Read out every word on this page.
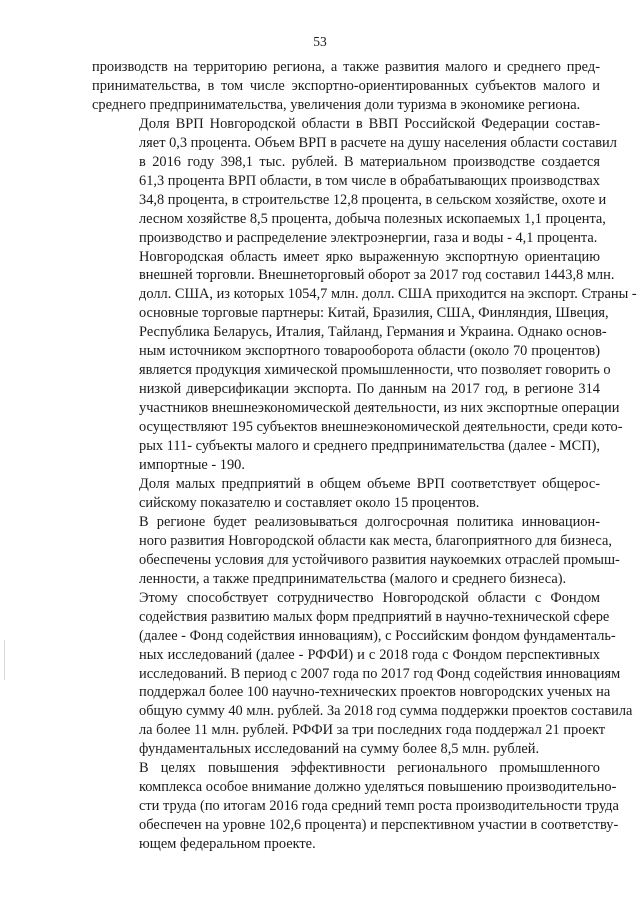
53

производств на территорию региона, а также развития малого и среднего пред-
принимательства, в том числе экспортно-ориентированных субъектов малого и
среднего предпринимательства, увеличения доли туризма в экономике региона.

Доля ВРП Новгородской области в ВВП Российской Федерации состав-
ляет 0,3 процента. Объем ВРП в расчете на душу населения области составил
в 2016 году 398,1 тыс. рублей. В материальном производстве создается
61,3 процента ВРП области, в том числе в обрабатывающих производствах
34,8 процента, в строительстве 12,8 процента, в сельском хозяйстве, охоте и
лесном хозяйстве 8,5 процента, добыча полезных ископаемых 1,1 процента,
производство и распределение электроэнергии, газа и воды - 4,1 процента.

Новгородская область имеет ярко выраженную экспортную ориентацию
внешней торговли. Внешнеторговый оборот за 2017 год составил 1443,8 млн.
долл. США, из которых 1054,7 млн. долл. США приходится на экспорт. Страны -
основные торговые партнеры: Китай, Бразилия, США, Финляндия, Швеция,
Республика Беларусь, Италия, Тайланд, Германия и Украина. Однако основ-
ным источником экспортного товарооборота области (около 70 процентов)
является продукция химической промышленности, что позволяет говорить о
низкой диверсификации экспорта. По данным на 2017 год, в регионе 314
участников внешнеэкономической деятельности, из них экспортные операции
осуществляют 195 субъектов внешнеэкономической деятельности, среди кото-
рых 111- субъекты малого и среднего предпринимательства (далее - МСП),
импортные - 190.

Доля малых предприятий в общем объеме ВРП соответствует общерос-
сийскому показателю и составляет около 15 процентов.

В регионе будет реализовываться долгосрочная политика инновацион-
ного развития Новгородской области как места, благоприятного для бизнеса,
обеспечены условия для устойчивого развития наукоемких отраслей промыш-
ленности, а также предпринимательства (малого и среднего бизнеса).

Этому способствует сотрудничество Новгородской области с Фондом
содействия развитию малых форм предприятий в научно-технической сфере
(далее - Фонд содействия инновациям), с Российским фондом фундаменталь-
ных исследований (далее - РФФИ) и с 2018 года с Фондом перспективных
исследований. В период с 2007 года по 2017 год Фонд содействия инновациям
поддержал более 100 научно-технических проектов новгородских ученых на
общую сумму 40 млн. рублей. За 2018 год сумма поддержки проектов составила
ла более 11 млн. рублей. РФФИ за три последних года поддержал 21 проект
фундаментальных исследований на сумму более 8,5 млн. рублей.

В целях повышения эффективности регионального промышленного
комплекса особое внимание должно уделяться повышению производительно-
сти труда (по итогам 2016 года средний темп роста производительности труда
обеспечен на уровне 102,6 процента) и перспективном участии в соответству-
ющем федеральном проекте.
